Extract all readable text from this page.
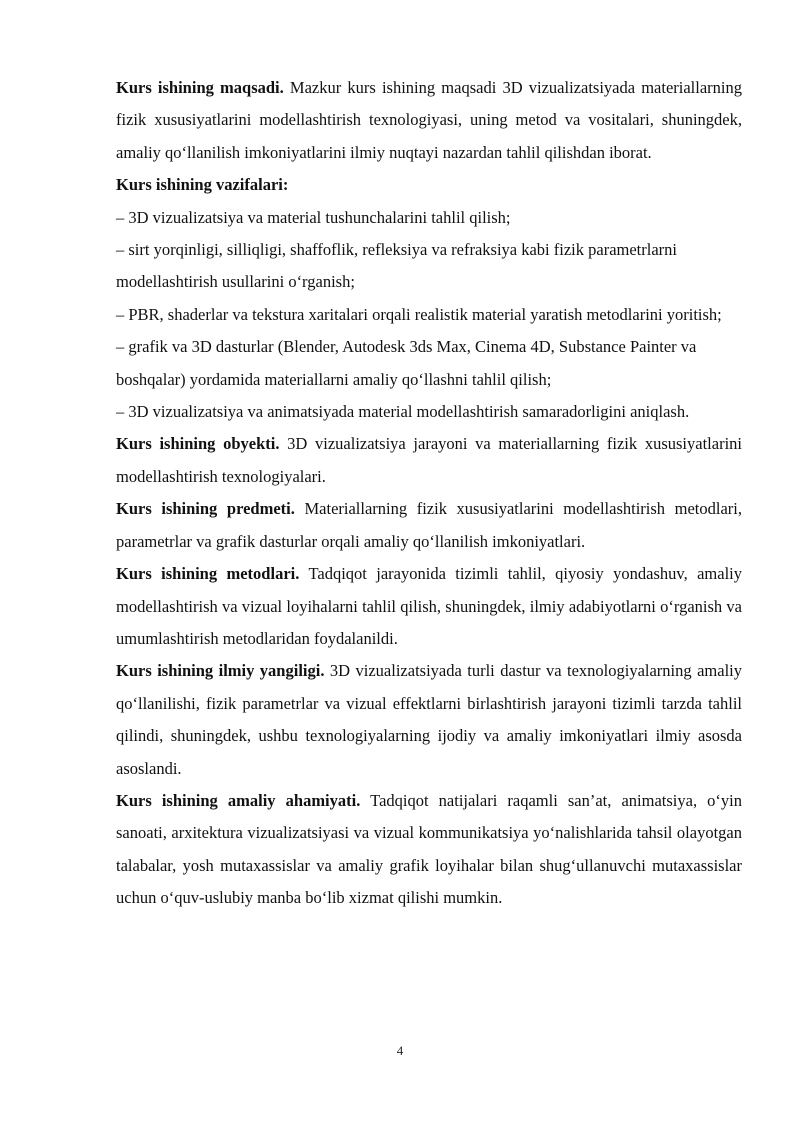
Kurs ishining maqsadi. Mazkur kurs ishining maqsadi 3D vizualizatsiyada materiallarning fizik xususiyatlarini modellashtirish texnologiyasi, uning metod va vositalari, shuningdek, amaliy qo‘llanilish imkoniyatlarini ilmiy nuqtayi nazardan tahlil qilishdan iborat.

Kurs ishining vazifalari:

– 3D vizualizatsiya va material tushunchalarini tahlil qilish;

– sirt yorqinligi, silliqligi, shaffoflik, refleksiya va refraksiya kabi fizik parametrlarni modellashtirish usullarini o‘rganish;

– PBR, shaderlar va tekstura xaritalari orqali realistik material yaratish metodlarini yoritish;

– grafik va 3D dasturlar (Blender, Autodesk 3ds Max, Cinema 4D, Substance Painter va boshqalar) yordamida materiallarni amaliy qo‘llashni tahlil qilish;

– 3D vizualizatsiya va animatsiyada material modellashtirish samaradorligini aniqlash.

Kurs ishining obyekti. 3D vizualizatsiya jarayoni va materiallarning fizik xususiyatlarini modellashtirish texnologiyalari.

Kurs ishining predmeti. Materiallarning fizik xususiyatlarini modellashtirish metodlari, parametrlar va grafik dasturlar orqali amaliy qo‘llanilish imkoniyatlari.

Kurs ishining metodlari. Tadqiqot jarayonida tizimli tahlil, qiyosiy yondashuv, amaliy modellashtirish va vizual loyihalarni tahlil qilish, shuningdek, ilmiy adabiyotlarni o‘rganish va umumlashtirish metodlaridan foydalanildi.

Kurs ishining ilmiy yangiligi. 3D vizualizatsiyada turli dastur va texnologiyalarning amaliy qo‘llanilishi, fizik parametrlar va vizual effektlarni birlashtirish jarayoni tizimli tarzda tahlil qilindi, shuningdek, ushbu texnologiyalarning ijodiy va amaliy imkoniyatlari ilmiy asosda asoslandi.

Kurs ishining amaliy ahamiyati. Tadqiqot natijalari raqamli san’at, animatsiya, o‘yin sanoati, arxitektura vizualizatsiyasi va vizual kommunikatsiya yo‘nalishlarida tahsil olayotgan talabalar, yosh mutaxassislar va amaliy grafik loyihalar bilan shug‘ullanuvchi mutaxassislar uchun o‘quv-uslubiy manba bo‘lib xizmat qilishi mumkin.

4
